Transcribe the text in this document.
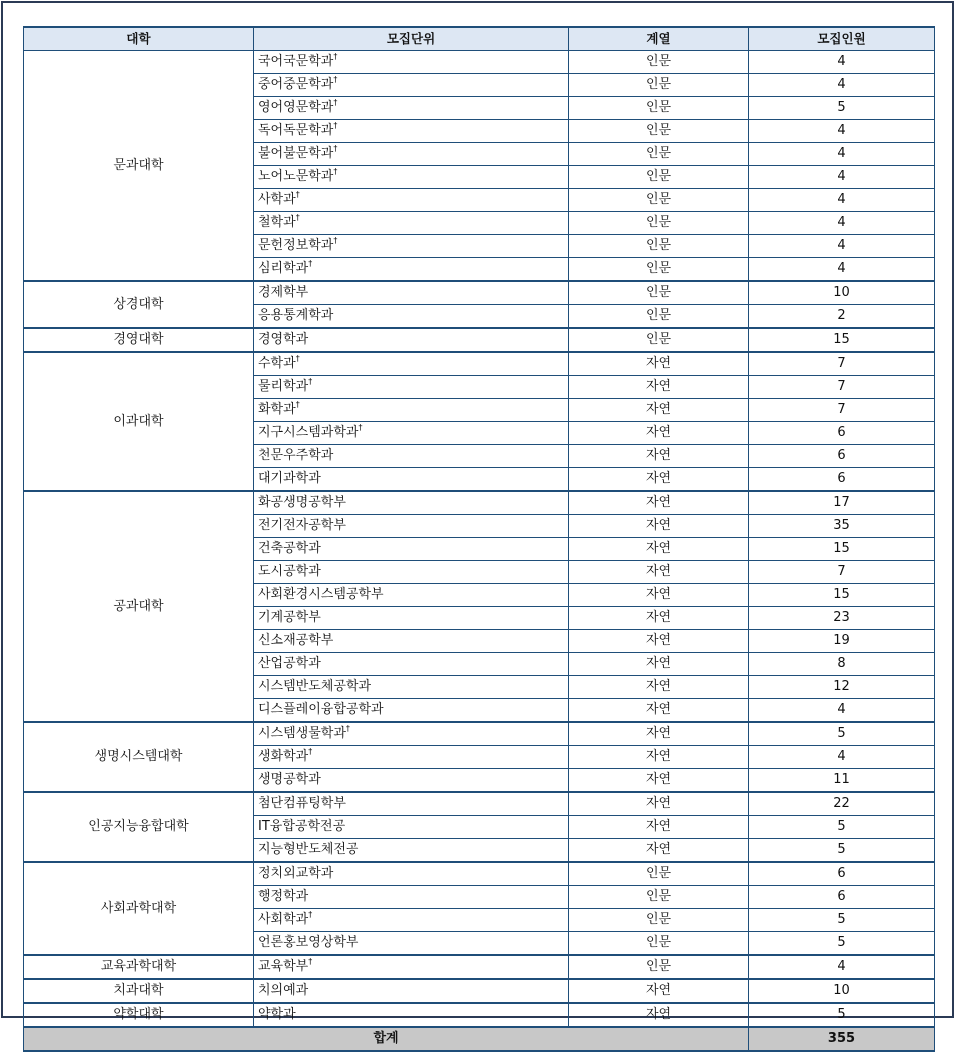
대학	모집단위	계열	모집인원
문과대학	국어국문학과†	인문	4
	중어중문학과†	인문	4
	영어영문학과†	인문	5
	독어독문학과†	인문	4
	불어불문학과†	인문	4
	노어노문학과†	인문	4
	사학과†	인문	4
	철학과†	인문	4
	문헌정보학과†	인문	4
	심리학과†	인문	4
상경대학	경제학부	인문	10
	응용통계학과	인문	2
경영대학	경영학과	인문	15
이과대학	수학과†	자연	7
	물리학과†	자연	7
	화학과†	자연	7
	지구시스템과학과†	자연	6
	천문우주학과	자연	6
	대기과학과	자연	6
공과대학	화공생명공학부	자연	17
	전기전자공학부	자연	35
	건축공학과	자연	15
	도시공학과	자연	7
	사회환경시스템공학부	자연	15
	기계공학부	자연	23
	신소재공학부	자연	19
	산업공학과	자연	8
	시스템반도체공학과	자연	12
	디스플레이융합공학과	자연	4
생명시스템대학	시스템생물학과†	자연	5
	생화학과†	자연	4
	생명공학과	자연	11
인공지능융합대학	첨단컴퓨팅학부	자연	22
	IT융합공학전공	자연	5
	지능형반도체전공	자연	5
사회과학대학	정치외교학과	인문	6
	행정학과	인문	6
	사회학과†	인문	5
	언론홍보영상학부	인문	5
교육과학대학	교육학부†	인문	4
치과대학	치의예과	자연	10
약학대학	약학과	자연	5
합계			355
